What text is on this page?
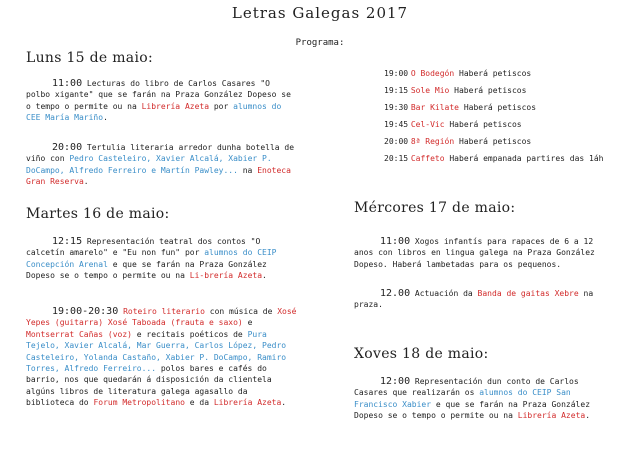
Letras Galegas 2017
Programa:
Luns 15 de maio:
11:00 Lecturas do libro de Carlos Casares "O polbo xigante" que se farán na Praza González Dopeso se o tempo o permite ou na Librería Azeta por alumnos do CEE María Mariño.
20:00 Tertulia literaria arredor dunha botella de viño con Pedro Casteleiro, Xavier Alcalá, Xabier P. DoCampo, Alfredo Ferreiro e Martín Pawley... na Enoteca Gran Reserva.
Martes 16 de maio:
12:15 Representación teatral dos contos "O calcetín amarelo" e "Eu non fun" por alumnos do CEIP Concepción Arenal e que se farán na Praza González Dopeso se o tempo o permite ou na Li-brería Azeta.
19:00-20:30 Roteiro literario con música de Xosé Yepes (guitarra) Xosé Taboada (frauta e saxo) e Montserrat Cañas (voz) e recitais poéticos de Pura Tejelo, Xavier Alcalá, Mar Guerra, Carlos López, Pedro Casteleiro, Yolanda Castaño, Xabier P. DoCampo, Ramiro Torres, Alfredo Ferreiro... polos bares e cafés do barrio, nos que quedarán á disposición da clientela algúns libros de literatura galega agasallo da biblioteca do Forum Metropolitano e da Librería Azeta.
19:00 O Bodegón Haberá petiscos
19:15 Sole Mio Haberá petiscos
19:30 Bar Kilate Haberá petiscos
19:45 Cel-Vic Haberá petiscos
20:00 8ª Región Haberá petiscos
20:15 Caffeto Haberá empanada partires das 1áh
Mércores 17 de maio:
11:00 Xogos infantís para rapaces de 6 a 12 anos con libros en lingua galega na Praza González Dopeso. Haberá lambetadas para os pequenos.
12.00 Actuación da Banda de gaitas Xebre na praza.
Xoves 18 de maio:
12:00 Representación dun conto de Carlos Casares que realizarán os alumnos do CEIP San Francisco Xabier e que se farán na Praza González Dopeso se o tempo o permite ou na Librería Azeta.
